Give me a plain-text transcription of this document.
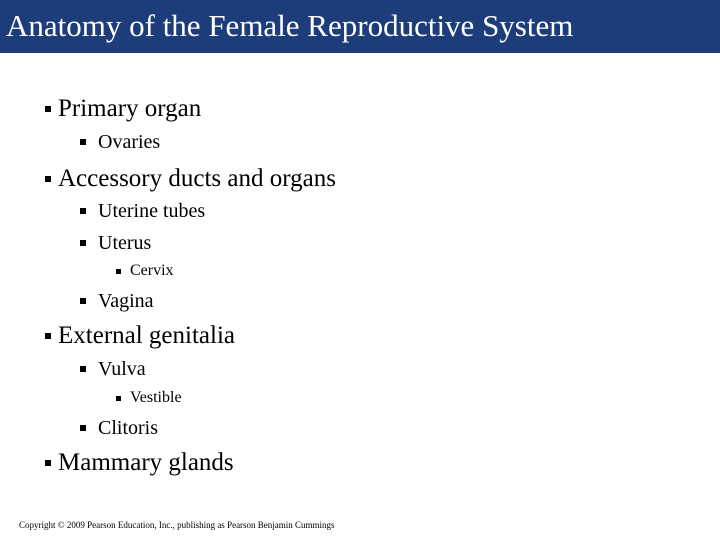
Anatomy of the Female Reproductive System
Primary organ
Ovaries
Accessory ducts and organs
Uterine tubes
Uterus
Cervix
Vagina
External genitalia
Vulva
Vestible
Clitoris
Mammary glands
Copyright © 2009 Pearson Education, Inc., publishing as Pearson Benjamin Cummings
